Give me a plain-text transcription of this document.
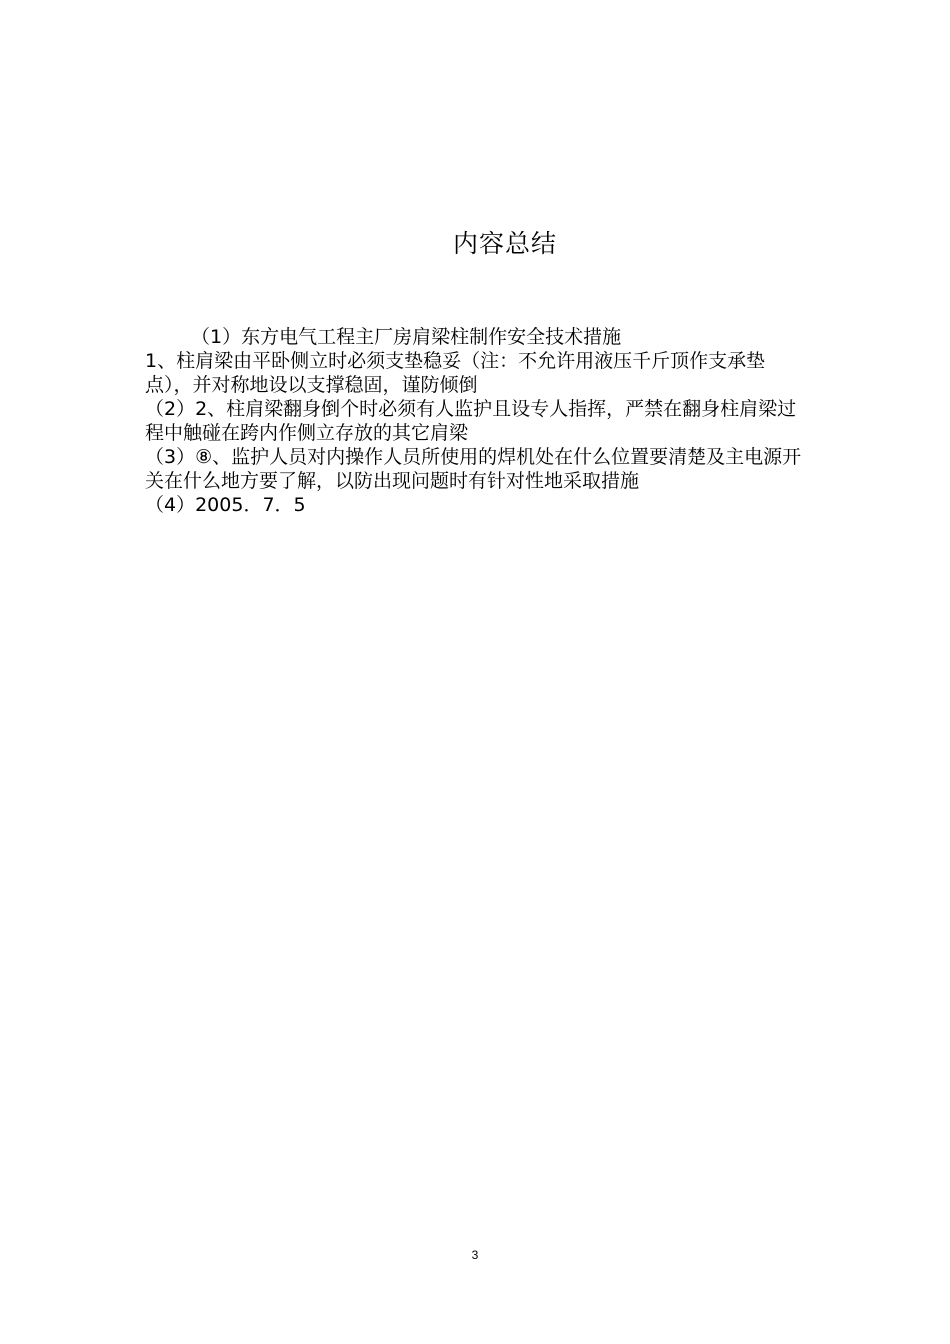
内容总结

（1）东方电气工程主厂房肩梁柱制作安全技术措施

1、柱肩梁由平卧侧立时必须支垫稳妥（注：不允许用液压千斤顶作支承垫点），并对称地设以支撑稳固，谨防倾倒

（2）2、柱肩梁翻身倒个时必须有人监护且设专人指挥，严禁在翻身柱肩梁过程中触碰在跨内作侧立存放的其它肩梁

（3）⑧、监护人员对内操作人员所使用的焊机处在什么位置要清楚及主电源开关在什么地方要了解，以防出现问题时有针对性地采取措施

（4）2005．7．5

3
